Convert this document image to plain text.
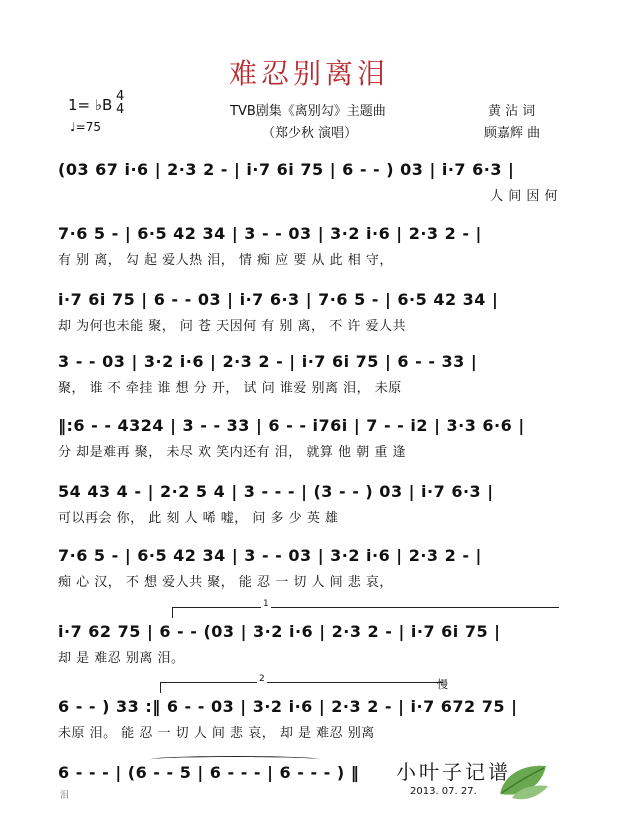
难忍别离泪
1= ♭B 4
4
♩=75
TVB剧集《离别勾》主题曲
（郑少秋 演唱）
黄 沾 词
顾嘉辉 曲
(03 67 i·6 | 2·3 2 - | i·7 6i 75 | 6 - - ) 03 | i·7 6·3 |
人 间 因 何
7·6 5 - | 6·5 42 34 | 3 - - 03 | 3·2 i·6 | 2·3 2 - |
有 别 离， 勾 起 爱人热 泪， 情 痴 应 要 从 此 相 守，
i·7 6i 75 | 6 - - 03 | i·7 6·3 | 7·6 5 - | 6·5 42 34 |
却 为何也未能 聚， 问 苍 天因何 有 别 离， 不 许 爱人共
3 - - 03 | 3·2 i·6 | 2·3 2 - | i·7 6i 75 | 6 - - 33 |
聚， 谁 不 牵挂 谁 想 分 开， 试 问 谁爱 别离 泪， 未原
‖:6 - - 4324 | 3 - - 33 | 6 - - i76i | 7 - - i2 | 3·3 6·6 |
分 却是难再 聚， 未尽 欢 笑内还有 泪， 就算 他 朝 重 逢
54 43 4 - | 2·2 5 4 | 3 - - - | (3 - - ) 03 | i·7 6·3 |
可以再会 你， 此 刻 人 唏 嘘， 问 多 少 英 雄
7·6 5 - | 6·5 42 34 | 3 - - 03 | 3·2 i·6 | 2·3 2 - |
痴 心 汉， 不 想 爱人共 聚， 能 忍 一 切 人 间 悲 哀，
1
i·7 62 75 | 6 - - (03 | 3·2 i·6 | 2·3 2 - | i·7 6i 75 |
却 是 难忍 别离 泪。
2	慢
6 - - ) 33 :‖ 6 - - 03 | 3·2 i·6 | 2·3 2 - | i·7 672 75 |
未原 泪。 能 忍 一 切 人 间 悲 哀， 却 是 难忍 别离
6 - - - | (6 - - 5 | 6 - - - | 6 - - - ) ‖
泪
小叶子记谱
2013. 07. 27.
